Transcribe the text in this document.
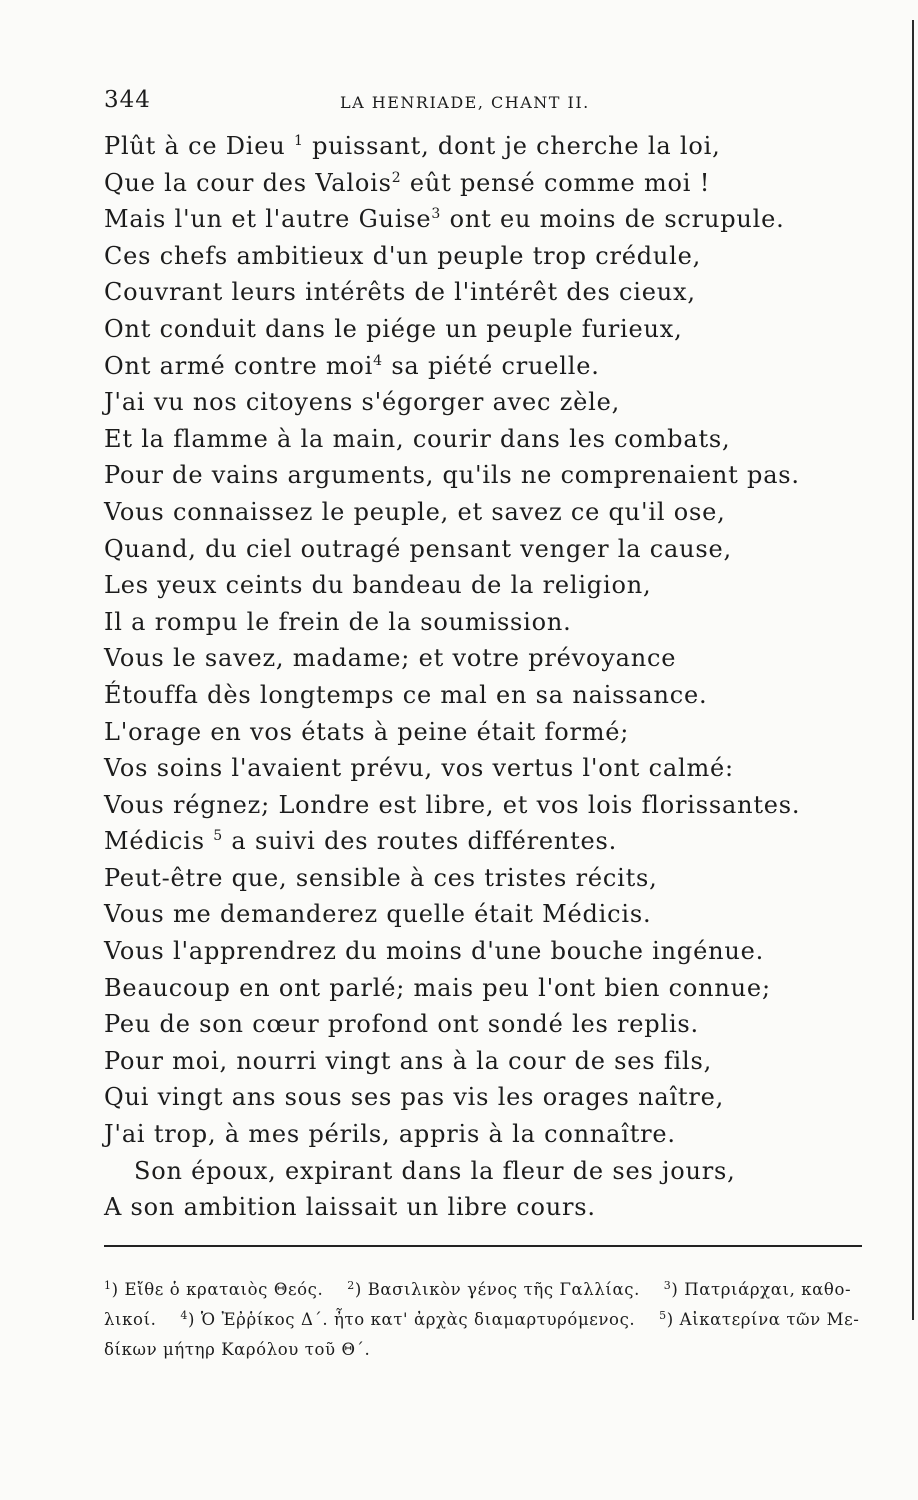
344	LA HENRIADE, CHANT II.
Plût à ce Dieu $^1$ puissant, dont je cherche la loi,
Que la cour des Valois$^2$ eût pensé comme moi !
Mais l'un et l'autre Guise$^3$ ont eu moins de scrupule.
Ces chefs ambitieux d'un peuple trop crédule,
Couvrant leurs intérêts de l'intérêt des cieux,
Ont conduit dans le piége un peuple furieux,
Ont armé contre moi$^4$ sa piété cruelle.
J'ai vu nos citoyens s'égorger avec zèle,
Et la flamme à la main, courir dans les combats,
Pour de vains arguments, qu'ils ne comprenaient pas.
Vous connaissez le peuple, et savez ce qu'il ose,
Quand, du ciel outragé pensant venger la cause,
Les yeux ceints du bandeau de la religion,
Il a rompu le frein de la soumission.
Vous le savez, madame; et votre prévoyance
Étouffa dès longtemps ce mal en sa naissance.
L'orage en vos états à peine était formé;
Vos soins l'avaient prévu, vos vertus l'ont calmé:
Vous régnez; Londre est libre, et vos lois florissantes.
Médicis $^5$ a suivi des routes différentes.
Peut-être que, sensible à ces tristes récits,
Vous me demanderez quelle était Médicis.
Vous l'apprendrez du moins d'une bouche ingénue.
Beaucoup en ont parlé; mais peu l'ont bien connue;
Peu de son cœur profond ont sondé les replis.
Pour moi, nourri vingt ans à la cour de ses fils,
Qui vingt ans sous ses pas vis les orages naître,
J'ai trop, à mes périls, appris à la connaître.
Son époux, expirant dans la fleur de ses jours,
A son ambition laissait un libre cours.
$^1$) Εἴθε ὁ κραταιὸς Θεός. $^2$) Βασιλικὸν γένος τῆς Γαλλίας. $^3$) Πατριάρχαι, καθο-
λικοί. $^4$) Ὁ Ἐῤῥίκος Δ΄. ἦτο κατ' ἀρχὰς διαμαρτυρόμενος. $^5$) Αἰκατερίνα τῶν Με-
δίκων μήτηρ Καρόλου τοῦ Θ΄.
